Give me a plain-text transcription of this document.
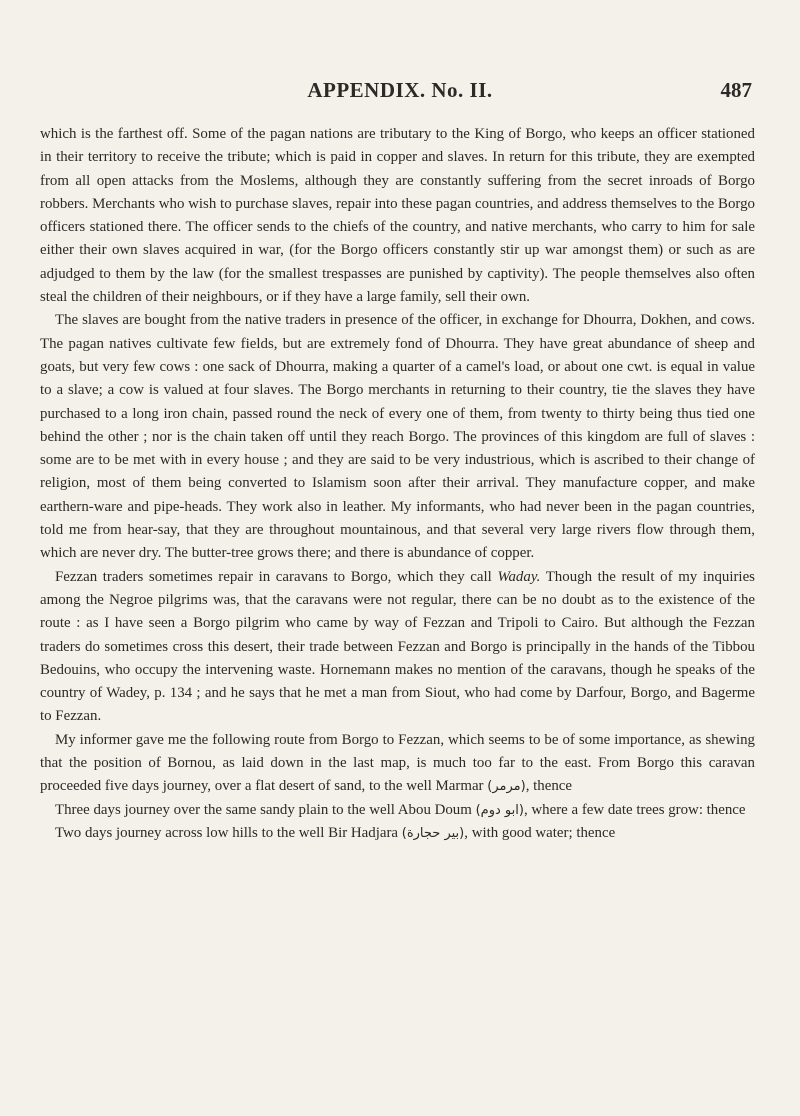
APPENDIX. No. II.	487

which is the farthest off. Some of the pagan nations are tributary to the King of Borgo, who keeps an officer stationed in their territory to receive the tribute; which is paid in copper and slaves. In return for this tribute, they are exempted from all open attacks from the Moslems, although they are constantly suffering from the secret inroads of Borgo robbers. Merchants who wish to purchase slaves, repair into these pagan countries, and address themselves to the Borgo officers stationed there. The officer sends to the chiefs of the country, and native merchants, who carry to him for sale either their own slaves acquired in war, (for the Borgo officers constantly stir up war amongst them) or such as are adjudged to them by the law (for the smallest trespasses are punished by captivity). The people themselves also often steal the children of their neighbours, or if they have a large family, sell their own.

The slaves are bought from the native traders in presence of the officer, in exchange for Dhourra, Dokhen, and cows. The pagan natives cultivate few fields, but are extremely fond of Dhourra. They have great abundance of sheep and goats, but very few cows : one sack of Dhourra, making a quarter of a camel's load, or about one cwt. is equal in value to a slave; a cow is valued at four slaves. The Borgo merchants in returning to their country, tie the slaves they have purchased to a long iron chain, passed round the neck of every one of them, from twenty to thirty being thus tied one behind the other ; nor is the chain taken off until they reach Borgo. The provinces of this kingdom are full of slaves : some are to be met with in every house ; and they are said to be very industrious, which is ascribed to their change of religion, most of them being converted to Islamism soon after their arrival. They manufacture copper, and make earthern-ware and pipe-heads. They work also in leather. My informants, who had never been in the pagan countries, told me from hear-say, that they are throughout mountainous, and that several very large rivers flow through them, which are never dry. The butter-tree grows there; and there is abundance of copper.

Fezzan traders sometimes repair in caravans to Borgo, which they call Waday. Though the result of my inquiries among the Negroe pilgrims was, that the caravans were not regular, there can be no doubt as to the existence of the route : as I have seen a Borgo pilgrim who came by way of Fezzan and Tripoli to Cairo. But although the Fezzan traders do sometimes cross this desert, their trade between Fezzan and Borgo is principally in the hands of the Tibbou Bedouins, who occupy the intervening waste. Hornemann makes no mention of the caravans, though he speaks of the country of Wadey, p. 134 ; and he says that he met a man from Siout, who had come by Darfour, Borgo, and Bagerme to Fezzan.

My informer gave me the following route from Borgo to Fezzan, which seems to be of some importance, as shewing that the position of Bornou, as laid down in the last map, is much too far to the east. From Borgo this caravan proceeded five days journey, over a flat desert of sand, to the well Marmar (مرمر), thence

Three days journey over the same sandy plain to the well Abou Doum (ابو دوم), where a few date trees grow: thence

Two days journey across low hills to the well Bir Hadjara (بير حجارة), with good water; thence
